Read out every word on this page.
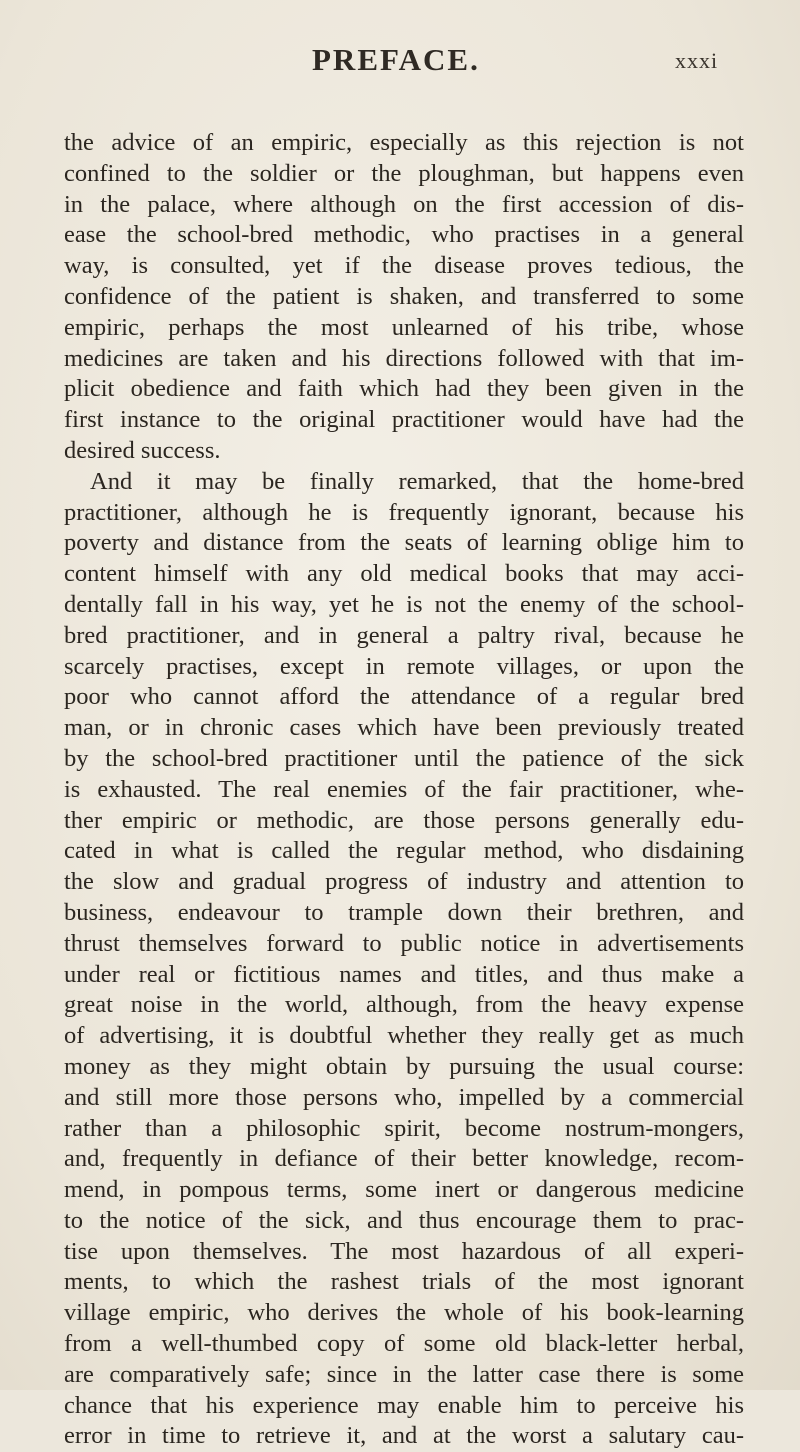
PREFACE.	xxxi
the advice of an empiric, especially as this rejection is not
confined to the soldier or the ploughman, but happens even
in the palace, where although on the first accession of dis-
ease the school-bred methodic, who practises in a general
way, is consulted, yet if the disease proves tedious, the
confidence of the patient is shaken, and transferred to some
empiric, perhaps the most unlearned of his tribe, whose
medicines are taken and his directions followed with that im-
plicit obedience and faith which had they been given in the
first instance to the original practitioner would have had the
desired success.
And it may be finally remarked, that the home-bred
practitioner, although he is frequently ignorant, because his
poverty and distance from the seats of learning oblige him to
content himself with any old medical books that may acci-
dentally fall in his way, yet he is not the enemy of the school-
bred practitioner, and in general a paltry rival, because he
scarcely practises, except in remote villages, or upon the
poor who cannot afford the attendance of a regular bred
man, or in chronic cases which have been previously treated
by the school-bred practitioner until the patience of the sick
is exhausted. The real enemies of the fair practitioner, whe-
ther empiric or methodic, are those persons generally edu-
cated in what is called the regular method, who disdaining
the slow and gradual progress of industry and attention to
business, endeavour to trample down their brethren, and
thrust themselves forward to public notice in advertisements
under real or fictitious names and titles, and thus make a
great noise in the world, although, from the heavy expense
of advertising, it is doubtful whether they really get as much
money as they might obtain by pursuing the usual course:
and still more those persons who, impelled by a commercial
rather than a philosophic spirit, become nostrum-mongers,
and, frequently in defiance of their better knowledge, recom-
mend, in pompous terms, some inert or dangerous medicine
to the notice of the sick, and thus encourage them to prac-
tise upon themselves. The most hazardous of all experi-
ments, to which the rashest trials of the most ignorant
village empiric, who derives the whole of his book-learning
from a well-thumbed copy of some old black-letter herbal,
are comparatively safe; since in the latter case there is some
chance that his experience may enable him to perceive his
error in time to retrieve it, and at the worst a salutary cau-
